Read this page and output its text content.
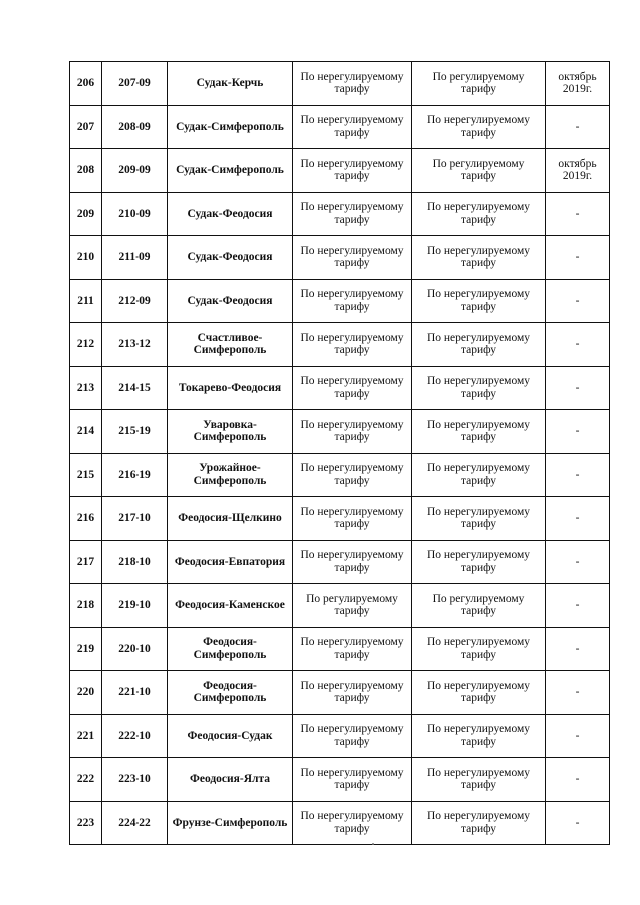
206	207-09	Судак-Керчь	По нерегулируемому тарифу	По регулируемому тарифу	октябрь 2019г.
207	208-09	Судак-Симферополь	По нерегулируемому тарифу	По нерегулируемому тарифу	-
208	209-09	Судак-Симферополь	По нерегулируемому тарифу	По регулируемому тарифу	октябрь 2019г.
209	210-09	Судак-Феодосия	По нерегулируемому тарифу	По нерегулируемому тарифу	-
210	211-09	Судак-Феодосия	По нерегулируемому тарифу	По нерегулируемому тарифу	-
211	212-09	Судак-Феодосия	По нерегулируемому тарифу	По нерегулируемому тарифу	-
212	213-12	Счастливое-Симферополь	По нерегулируемому тарифу	По нерегулируемому тарифу	-
213	214-15	Токарево-Феодосия	По нерегулируемому тарифу	По нерегулируемому тарифу	-
214	215-19	Уваровка-Симферополь	По нерегулируемому тарифу	По нерегулируемому тарифу	-
215	216-19	Урожайное-Симферополь	По нерегулируемому тарифу	По нерегулируемому тарифу	-
216	217-10	Феодосия-Щелкино	По нерегулируемому тарифу	По нерегулируемому тарифу	-
217	218-10	Феодосия-Евпатория	По нерегулируемому тарифу	По нерегулируемому тарифу	-
218	219-10	Феодосия-Каменское	По регулируемому тарифу	По регулируемому тарифу	-
219	220-10	Феодосия-Симферополь	По нерегулируемому тарифу	По нерегулируемому тарифу	-
220	221-10	Феодосия-Симферополь	По нерегулируемому тарифу	По нерегулируемому тарифу	-
221	222-10	Феодосия-Судак	По нерегулируемому тарифу	По нерегулируемому тарифу	-
222	223-10	Феодосия-Ялта	По нерегулируемому тарифу	По нерегулируемому тарифу	-
223	224-22	Фрунзе-Симферополь	По нерегулируемому тарифу	По нерегулируемому тарифу	-
